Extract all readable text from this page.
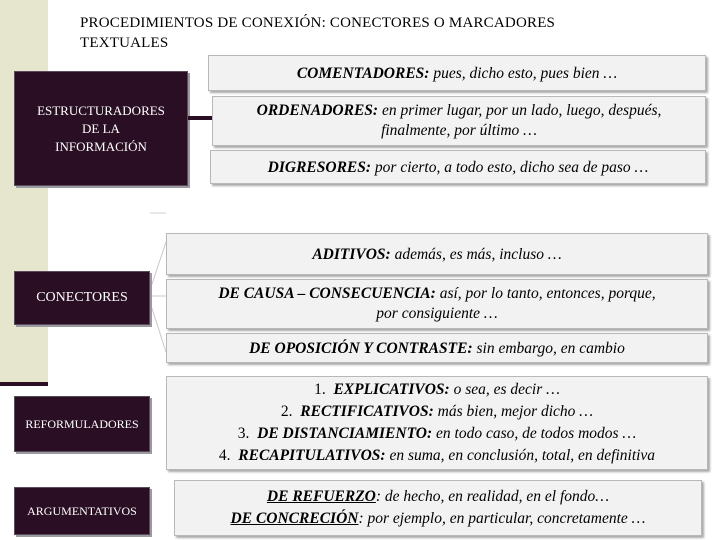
PROCEDIMIENTOS DE CONEXIÓN: CONECTORES O MARCADORES
TEXTUALES
ESTRUCTURADORES
DE LA
INFORMACIÓN
COMENTADORES: pues, dicho esto, pues bien …
ORDENADORES: en primer lugar, por un lado, luego, después,
finalmente, por último …
DIGRESORES: por cierto, a todo esto, dicho sea de paso …
CONECTORES
ADITIVOS: además, es más, incluso …
DE CAUSA – CONSECUENCIA: así, por lo tanto, entonces, porque,
por consiguiente …
DE OPOSICIÓN Y CONTRASTE: sin embargo, en cambio
REFORMULADORES
1. EXPLICATIVOS: o sea, es decir …
2. RECTIFICATIVOS: más bien, mejor dicho …
3. DE DISTANCIAMIENTO: en todo caso, de todos modos …
4. RECAPITULATIVOS: en suma, en conclusión, total, en definitiva
ARGUMENTATIVOS
DE REFUERZO: de hecho, en realidad, en el fondo…
DE CONCRECIÓN: por ejemplo, en particular, concretamente …
